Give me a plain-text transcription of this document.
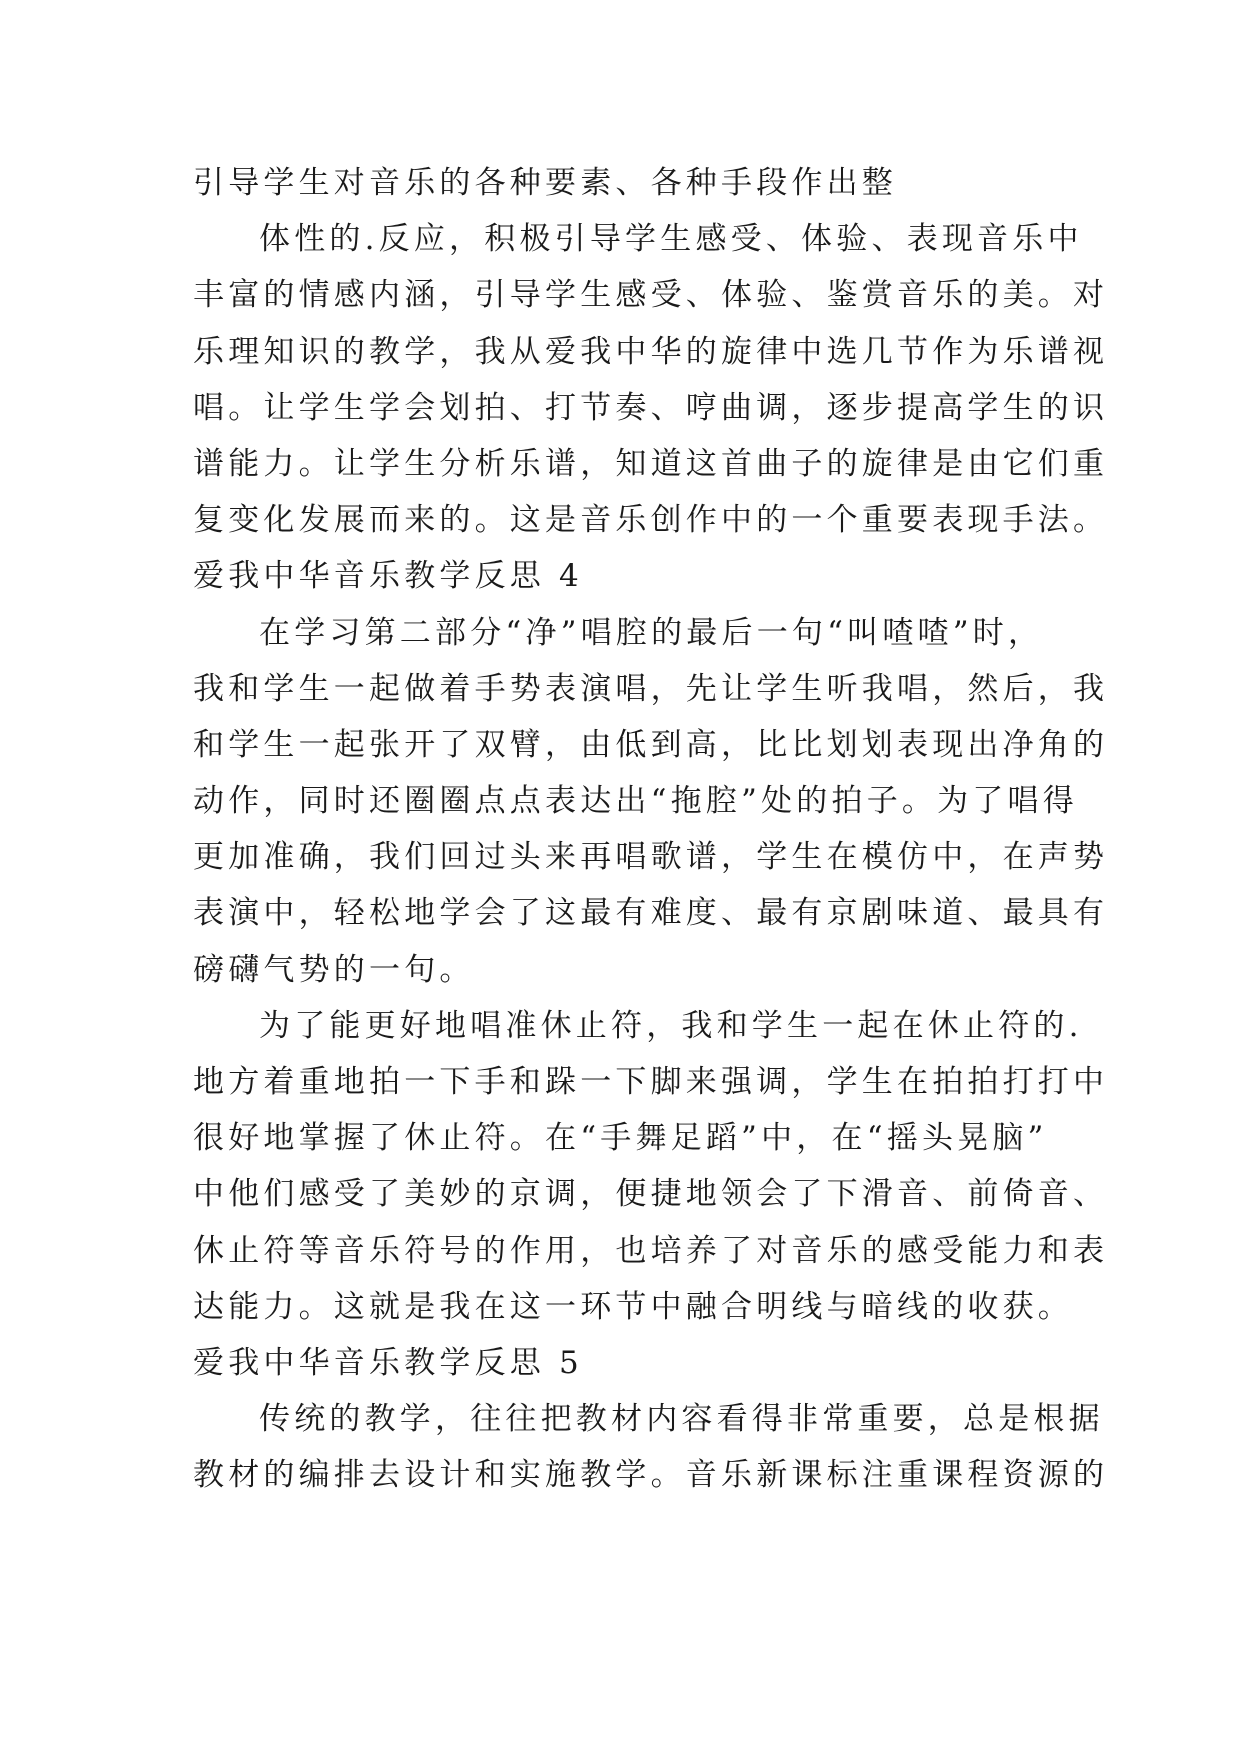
引导学生对音乐的各种要素、各种手段作出整
体性的.反应，积极引导学生感受、体验、表现音乐中
丰富的情感内涵，引导学生感受、体验、鉴赏音乐的美。对
乐理知识的教学，我从爱我中华的旋律中选几节作为乐谱视
唱。让学生学会划拍、打节奏、哼曲调，逐步提高学生的识
谱能力。让学生分析乐谱，知道这首曲子的旋律是由它们重
复变化发展而来的。这是音乐创作中的一个重要表现手法。
爱我中华音乐教学反思 4
在学习第二部分“净”唱腔的最后一句“叫喳喳”时，
我和学生一起做着手势表演唱，先让学生听我唱，然后，我
和学生一起张开了双臂，由低到高，比比划划表现出净角的
动作，同时还圈圈点点表达出“拖腔”处的拍子。为了唱得
更加准确，我们回过头来再唱歌谱，学生在模仿中，在声势
表演中，轻松地学会了这最有难度、最有京剧味道、最具有
磅礴气势的一句。
为了能更好地唱准休止符，我和学生一起在休止符的.
地方着重地拍一下手和跺一下脚来强调，学生在拍拍打打中
很好地掌握了休止符。在“手舞足蹈”中，在“摇头晃脑”
中他们感受了美妙的京调，便捷地领会了下滑音、前倚音、
休止符等音乐符号的作用，也培养了对音乐的感受能力和表
达能力。这就是我在这一环节中融合明线与暗线的收获。
爱我中华音乐教学反思 5
传统的教学，往往把教材内容看得非常重要，总是根据
教材的编排去设计和实施教学。音乐新课标注重课程资源的
